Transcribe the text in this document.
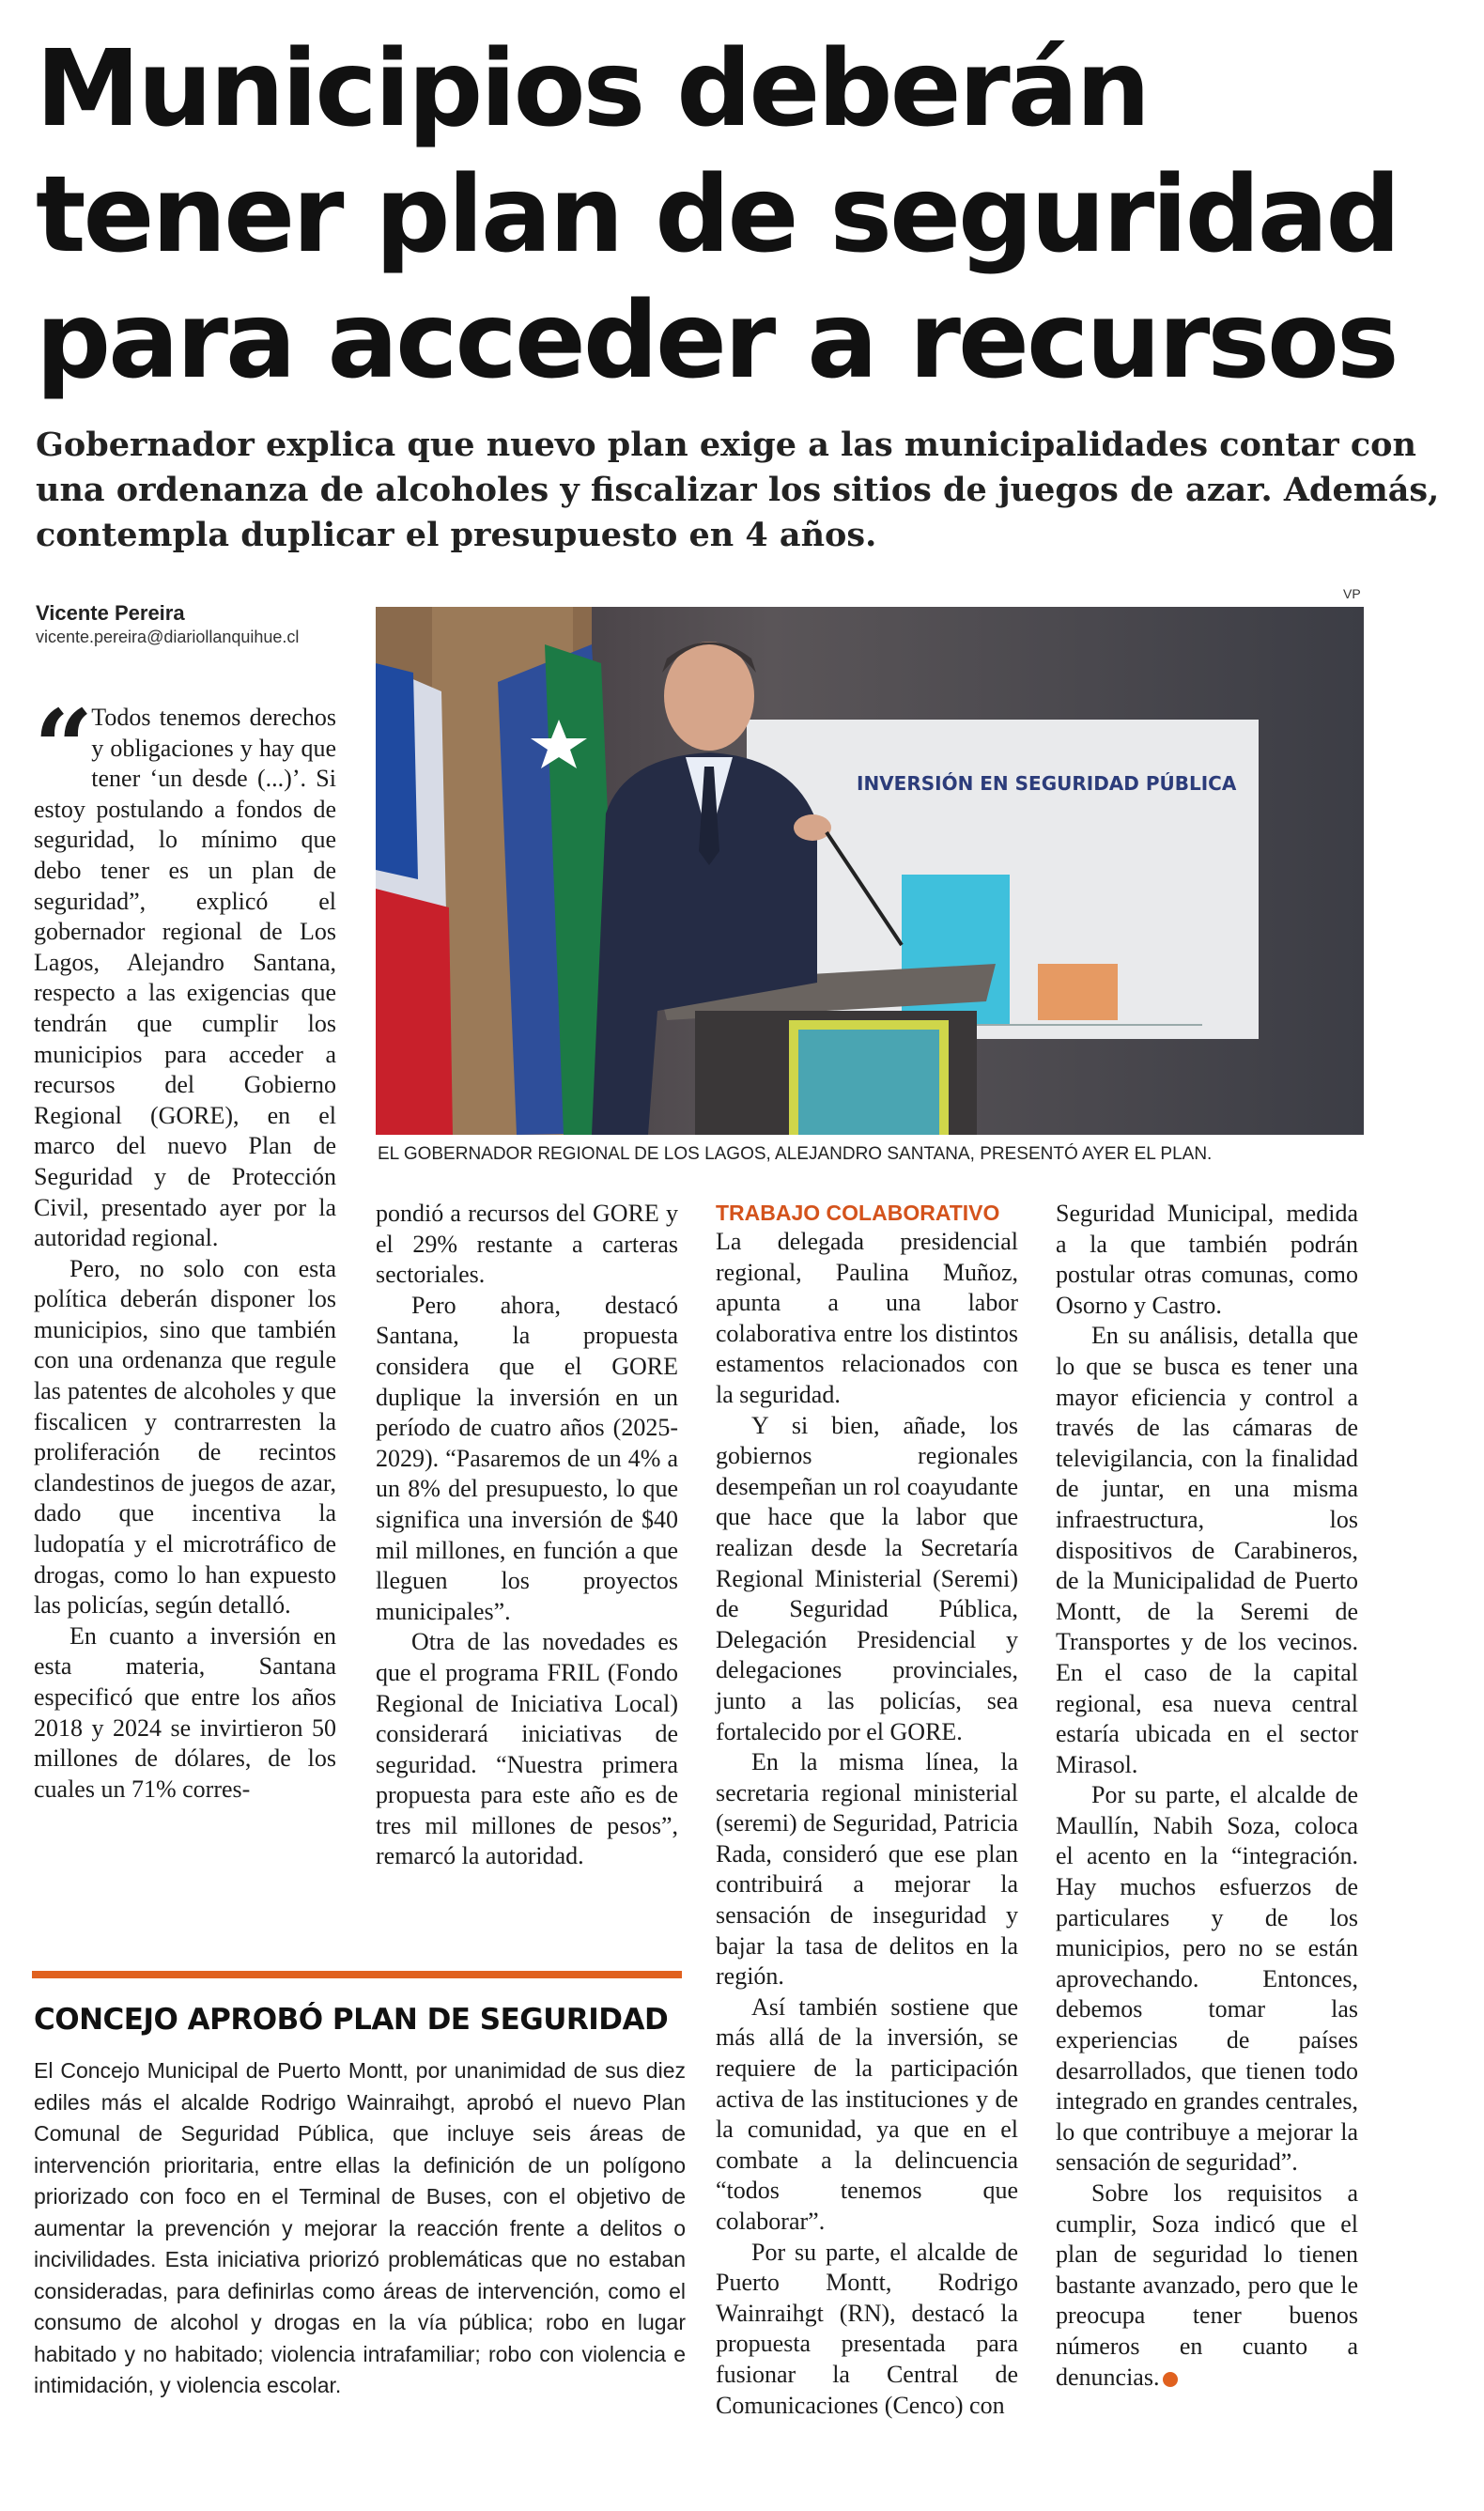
Municipios deberán
tener plan de seguridad
para acceder a recursos
Gobernador explica que nuevo plan exige a las municipalidades contar con
una ordenanza de alcoholes y fiscalizar los sitios de juegos de azar. Además,
contempla duplicar el presupuesto en 4 años.
Vicente Pereira
vicente.pereira@diariollanquihue.cl
VP
INVERSIÓN EN SEGURIDAD PÚBLICA
EL GOBERNADOR REGIONAL DE LOS LAGOS, ALEJANDRO SANTANA, PRESENTÓ AYER EL PLAN.
“ Todos tenemos derechos y obligaciones y hay que tener ‘un desde (...)’. Si estoy postulando a fondos de seguridad, lo mínimo que debo tener es un plan de seguridad”, explicó el gobernador regional de Los Lagos, Alejandro Santana, respecto a las exigencias que tendrán que cumplir los municipios para acceder a recursos del Gobierno Regional (GORE), en el marco del nuevo Plan de Seguridad y de Protección Civil, presentado ayer por la autoridad regional.

Pero, no solo con esta política deberán disponer los municipios, sino que también con una ordenanza que regule las patentes de alcoholes y que fiscalicen y contrarresten la proliferación de recintos clandestinos de juegos de azar, dado que incentiva la ludopatía y el microtráfico de drogas, como lo han expuesto las policías, según detalló.

En cuanto a inversión en esta materia, Santana especificó que entre los años 2018 y 2024 se invirtieron 50 millones de dólares, de los cuales un 71% corres-

pondió a recursos del GORE y el 29% restante a carteras sectoriales.

Pero ahora, destacó Santana, la propuesta considera que el GORE duplique la inversión en un período de cuatro años (2025-2029). “Pasaremos de un 4% a un 8% del presupuesto, lo que significa una inversión de $40 mil millones, en función a que lleguen los proyectos municipales”.

Otra de las novedades es que el programa FRIL (Fondo Regional de Iniciativa Local) considerará iniciativas de seguridad. “Nuestra primera propuesta para este año es de tres mil millones de pesos”, remarcó la autoridad.

TRABAJO COLABORATIVO

La delegada presidencial regional, Paulina Muñoz, apunta a una labor colaborativa entre los distintos estamentos relacionados con la seguridad.

Y si bien, añade, los gobiernos regionales desempeñan un rol coayudante que hace que la labor que realizan desde la Secretaría Regional Ministerial (Seremi) de Seguridad Pública, Delegación Presidencial y delegaciones provinciales, junto a las policías, sea fortalecido por el GORE.

En la misma línea, la secretaria regional ministerial (seremi) de Seguridad, Patricia Rada, consideró que ese plan contribuirá a mejorar la sensación de inseguridad y bajar la tasa de delitos en la región.

Así también sostiene que más allá de la inversión, se requiere de la participación activa de las instituciones y de la comunidad, ya que en el combate a la delincuencia “todos tenemos que colaborar”.

Por su parte, el alcalde de Puerto Montt, Rodrigo Wainraihgt (RN), destacó la propuesta presentada para fusionar la Central de Comunicaciones (Cenco) con

Seguridad Municipal, medida a la que también podrán postular otras comunas, como Osorno y Castro.

En su análisis, detalla que lo que se busca es tener una mayor eficiencia y control a través de las cámaras de televigilancia, con la finalidad de juntar, en una misma infraestructura, los dispositivos de Carabineros, de la Municipalidad de Puerto Montt, de la Seremi de Transportes y de los vecinos. En el caso de la capital regional, esa nueva central estaría ubicada en el sector Mirasol.

Por su parte, el alcalde de Maullín, Nabih Soza, coloca el acento en la “integración. Hay muchos esfuerzos de particulares y de los municipios, pero no se están aprovechando. Entonces, debemos tomar las experiencias de países desarrollados, que tienen todo integrado en grandes centrales, lo que contribuye a mejorar la sensación de seguridad”.

Sobre los requisitos a cumplir, Soza indicó que el plan de seguridad lo tienen bastante avanzado, pero que le preocupa tener buenos números en cuanto a denuncias.

CONCEJO APROBÓ PLAN DE SEGURIDAD
El Concejo Municipal de Puerto Montt, por unanimidad de sus diez ediles más el alcalde Rodrigo Wainraihgt, aprobó el nuevo Plan Comunal de Seguridad Pública, que incluye seis áreas de intervención prioritaria, entre ellas la definición de un polígono priorizado con foco en el Terminal de Buses, con el objetivo de aumentar la prevención y mejorar la reacción frente a delitos o incivilidades. Esta iniciativa priorizó problemáticas que no estaban consideradas, para definirlas como áreas de intervención, como el consumo de alcohol y drogas en la vía pública; robo en lugar habitado y no habitado; violencia intrafamiliar; robo con violencia e intimidación, y violencia escolar.
